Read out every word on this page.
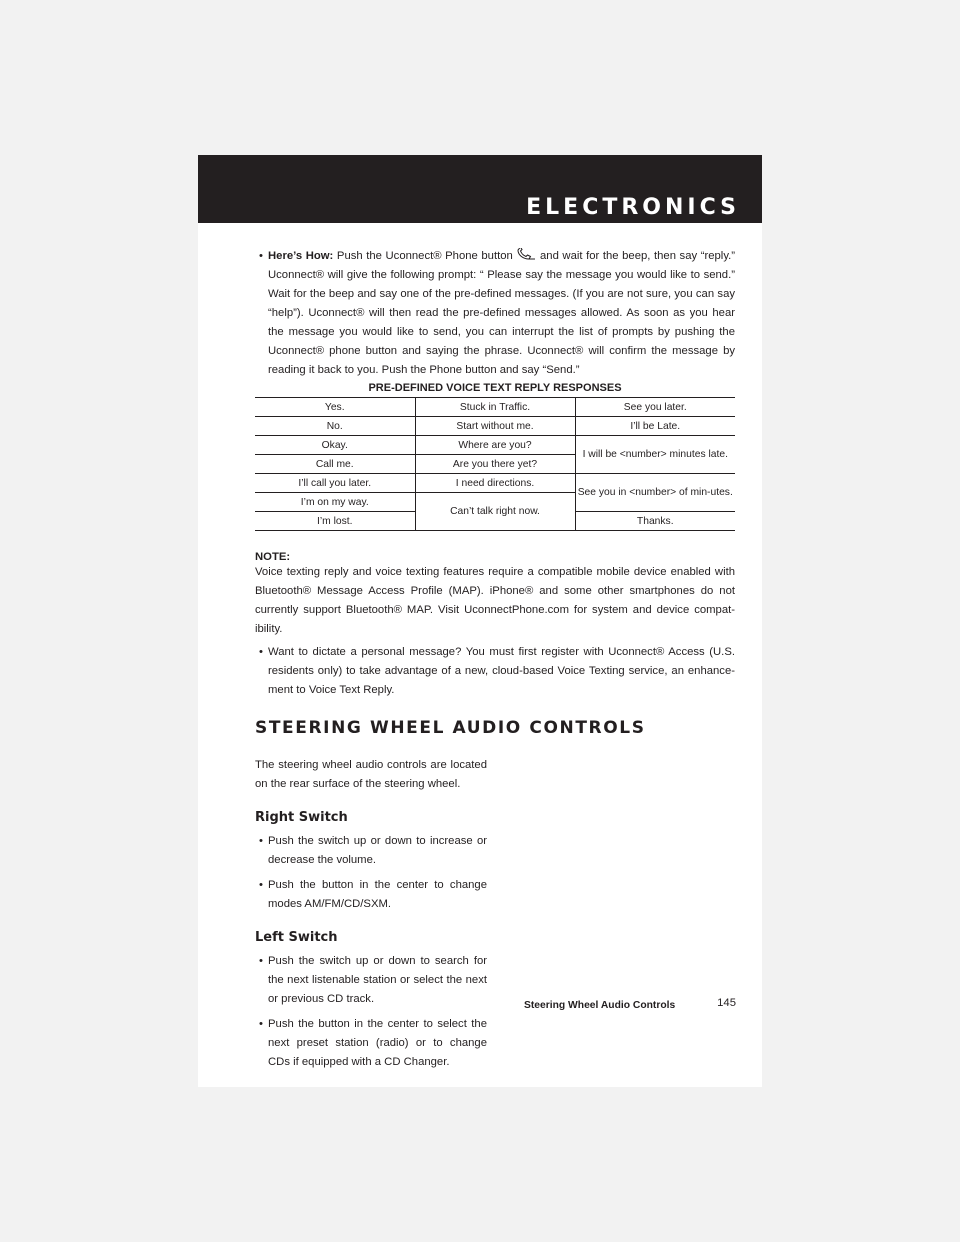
ELECTRONICS
• Here’s How: Push the Uconnect® Phone button and wait for the beep, then say “reply.” Uconnect® will give the following prompt: “ Please say the message you would like to send.” Wait for the beep and say one of the pre-defined messages. (If you are not sure, you can say “help”). Uconnect® will then read the pre-defined messages allowed. As soon as you hear the message you would like to send, you can interrupt the list of prompts by pushing the Uconnect® phone button and saying the phrase. Uconnect® will confirm the message by reading it back to you. Push the Phone button and say “Send.”
PRE-DEFINED VOICE TEXT REPLY RESPONSES
Yes.	Stuck in Traffic.	See you later.
No.	Start without me.	I’ll be Late.
Okay.	Where are you?	I will be <number> minutes late.
Call me.	Are you there yet?	
I’ll call you later.	I need directions.	See you in <number> of min-utes.
I’m on my way.	Can’t talk right now.	
I’m lost.		Thanks.
NOTE:
Voice texting reply and voice texting features require a compatible mobile device enabled with Bluetooth® Message Access Profile (MAP). iPhone® and some other smartphones do not currently support Bluetooth® MAP. Visit UconnectPhone.com for system and device compat-ibility.
• Want to dictate a personal message? You must first register with Uconnect® Access (U.S. residents only) to take advantage of a new, cloud-based Voice Texting service, an enhance-ment to Voice Text Reply.
STEERING WHEEL AUDIO CONTROLS
The steering wheel audio controls are located on the rear surface of the steering wheel.
Right Switch
• Push the switch up or down to increase or decrease the volume.
• Push the button in the center to change modes AM/FM/CD/SXM.
Left Switch
• Push the switch up or down to search for the next listenable station or select the next or previous CD track.
• Push the button in the center to select the next preset station (radio) or to change CDs if equipped with a CD Changer.
Steering Wheel Audio Controls	145
